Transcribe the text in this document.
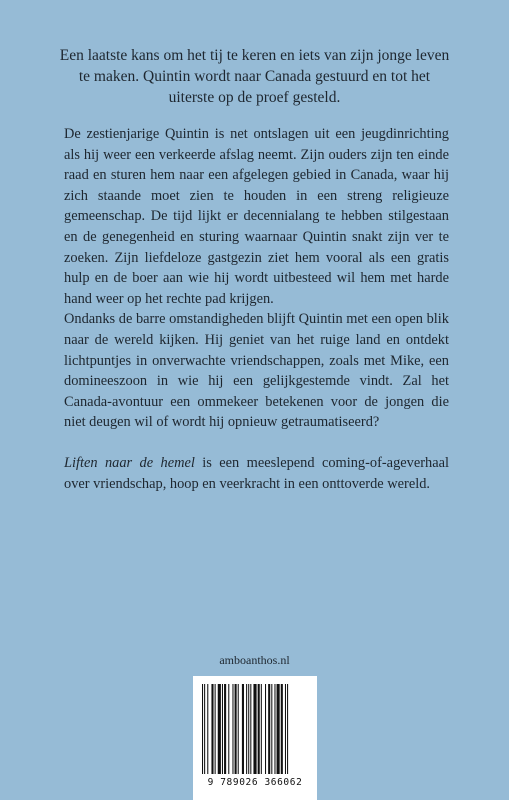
Een laatste kans om het tij te keren en iets van zijn jonge leven te maken. Quintin wordt naar Canada gestuurd en tot het uiterste op de proef gesteld.

De zestienjarige Quintin is net ontslagen uit een jeugdinrichting als hij weer een verkeerde afslag neemt. Zijn ouders zijn ten einde raad en sturen hem naar een afgelegen gebied in Canada, waar hij zich staande moet zien te houden in een streng religieuze gemeenschap. De tijd lijkt er decennialang te hebben stilgestaan en de genegenheid en sturing waarnaar Quintin snakt zijn ver te zoeken. Zijn liefdeloze gastgezin ziet hem vooral als een gratis hulp en de boer aan wie hij wordt uitbesteed wil hem met harde hand weer op het rechte pad krijgen.

Ondanks de barre omstandigheden blijft Quintin met een open blik naar de wereld kijken. Hij geniet van het ruige land en ontdekt lichtpuntjes in onverwachte vriendschappen, zoals met Mike, een domineeszoon in wie hij een gelijkgestemde vindt. Zal het Canada-avontuur een ommekeer betekenen voor de jongen die niet deugen wil of wordt hij opnieuw getraumatiseerd?

Liften naar de hemel is een meeslepend coming-of-ageverhaal over vriendschap, hoop en veerkracht in een onttoverde wereld.

amboanthos.nl
9 789026 366062
